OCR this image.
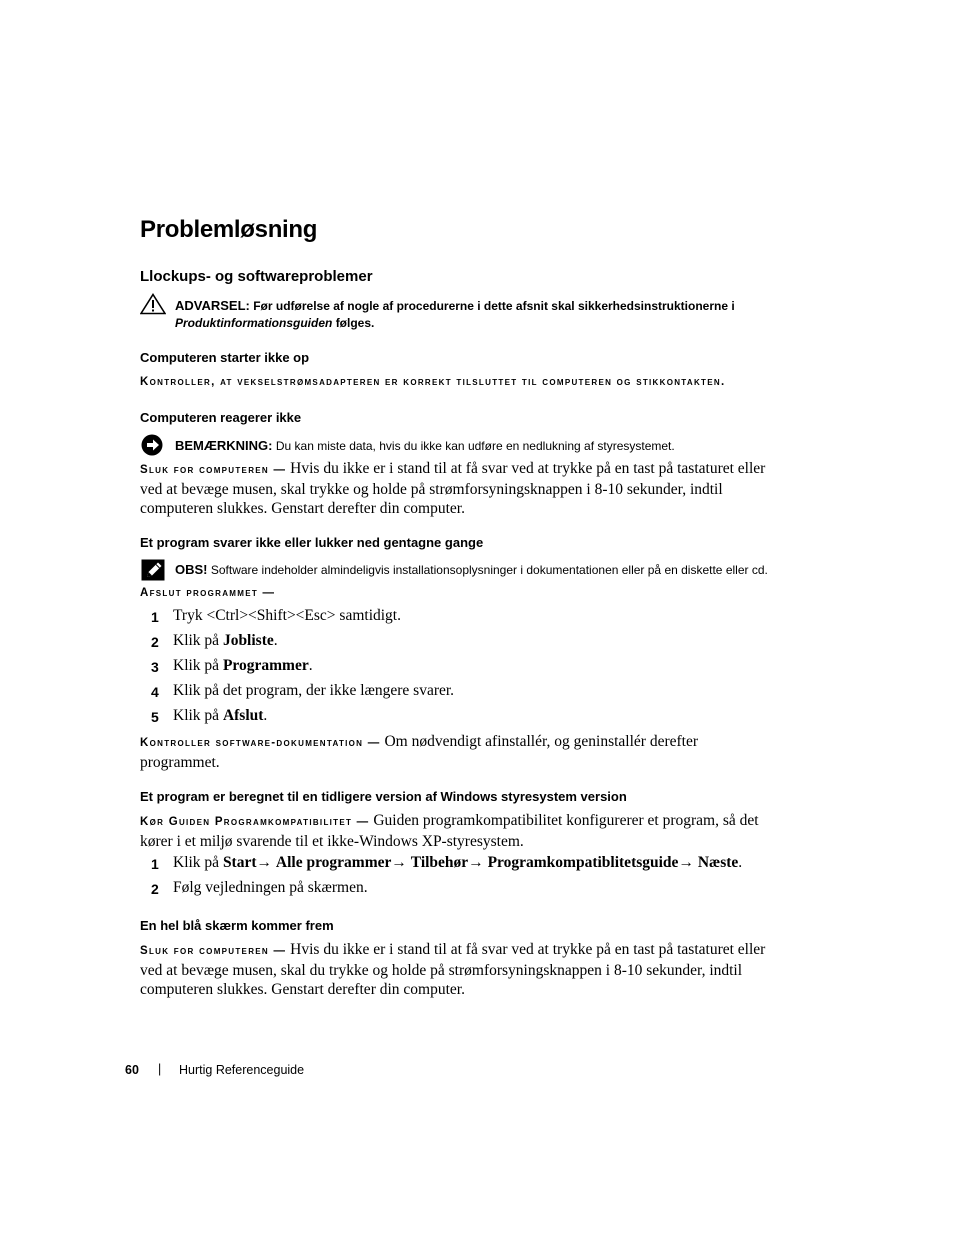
Problemløsning
Llockups- og softwareproblemer
ADVARSEL: Før udførelse af nogle af procedurerne i dette afsnit skal sikkerhedsinstruktionerne i
Produktinformationsguiden følges.
Computeren starter ikke op
Kontroller, at vekselstrømsadapteren er korrekt tilsluttet til computeren og stikkontakten.
Computeren reagerer ikke
BEMÆRKNING: Du kan miste data, hvis du ikke kan udføre en nedlukning af styresystemet.
Sluk for computeren — Hvis du ikke er i stand til at få svar ved at trykke på en tast på tastaturet eller
ved at bevæge musen, skal trykke og holde på strømforsyningsknappen i 8-10 sekunder, indtil
computeren slukkes. Genstart derefter din computer.
Et program svarer ikke eller lukker ned gentagne gange
OBS! Software indeholder almindeligvis installationsoplysninger i dokumentationen eller på en diskette eller cd.
Afslut programmet —
1 Tryk <Ctrl><Shift><Esc> samtidigt.
2 Klik på Jobliste.
3 Klik på Programmer.
4 Klik på det program, der ikke længere svarer.
5 Klik på Afslut.
Kontroller software-dokumentation — Om nødvendigt afinstallér, og geninstallér derefter
programmet.
Et program er beregnet til en tidligere version af Windows styresystem version
Kør Guiden Programkompatibilitet — Guiden programkompatibilitet konfigurerer et program, så det
kører i et miljø svarende til et ikke-Windows XP-styresystem.
1 Klik på Start→ Alle programmer→ Tilbehør→ Programkompatiblitetsguide→ Næste.
2 Følg vejledningen på skærmen.
En hel blå skærm kommer frem
Sluk for computeren — Hvis du ikke er i stand til at få svar ved at trykke på en tast på tastaturet eller
ved at bevæge musen, skal du trykke og holde på strømforsyningsknappen i 8-10 sekunder, indtil
computeren slukkes. Genstart derefter din computer.
60 | Hurtig Referenceguide
